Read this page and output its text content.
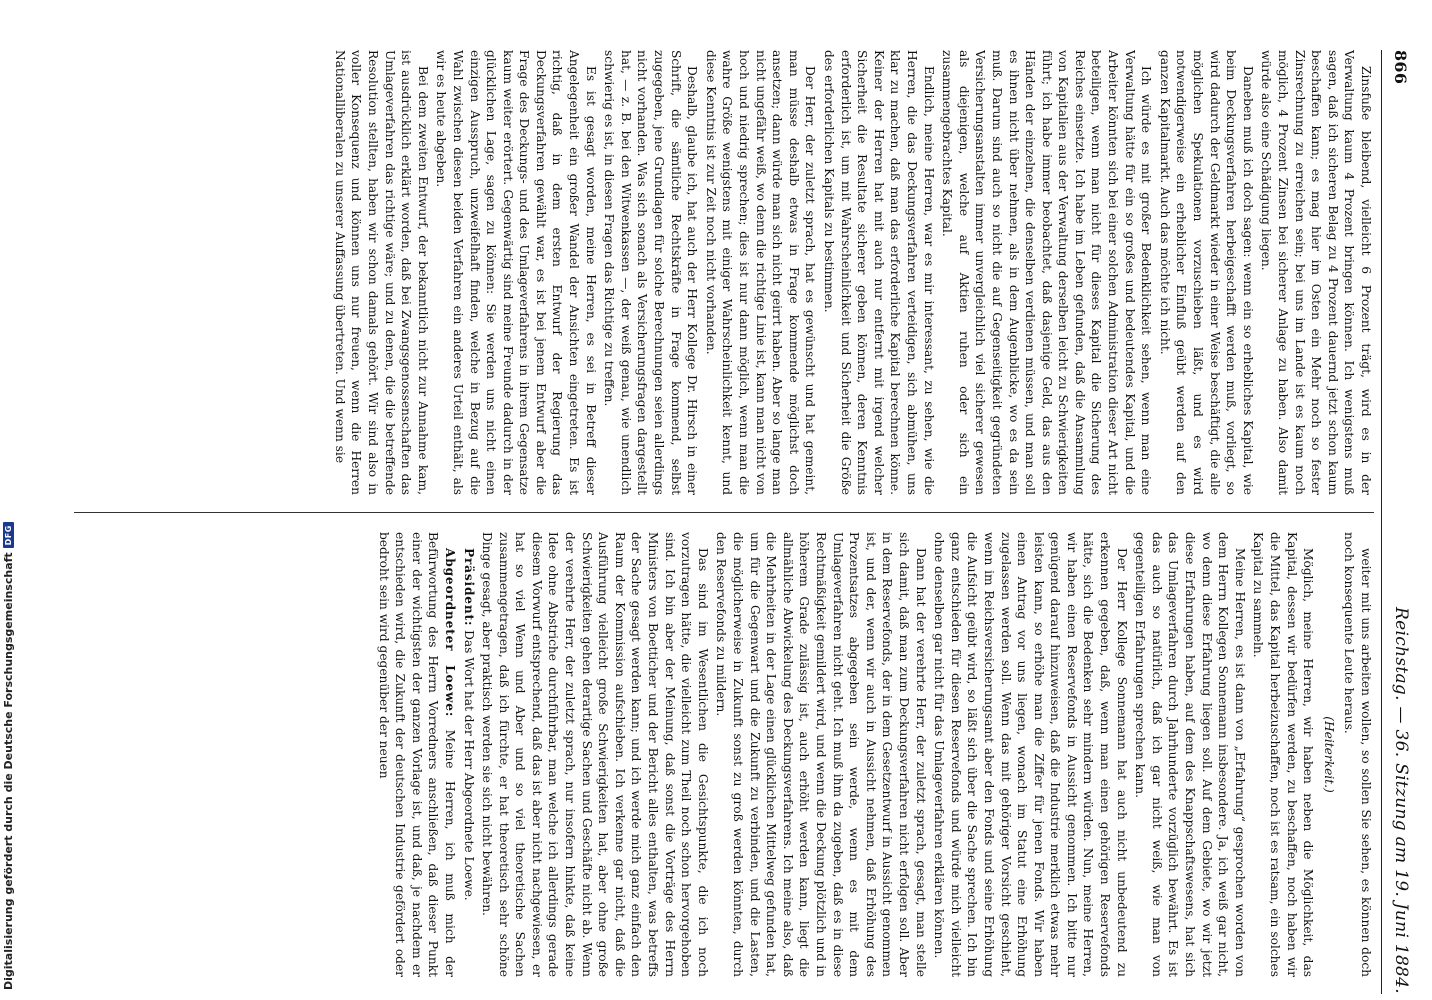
Digitalisierung gefördert durch die Deutsche Forschungsgemeinschaft
DFG
866
Reichstag. — 36. Sitzung am 19. Juni 1884.

Zinsfuße bleibend, vielleicht 6 Prozent trägt, wird es in der Verwaltung kaum 4 Prozent bringen können. Ich wenigstens muß sagen, daß ich sicheren Belag zu 4 Prozent dauernd jetzt schon kaum beschaffen kann; es mag hier im Osten ein Mehr noch so fester Zinsrechnung zu erreichen sein; bei uns im Lande ist es kaum noch möglich, 4 Prozent Zinsen bei sicherer Anlage zu haben. Also damit würde also eine Schädigung liegen.

Daneben muß ich doch sagen: wenn ein so erhebliches Kapital, wie beim Deckungsverfahren herbeigeschafft werden muß, vorliegt, so wird dadurch der Geldmarkt wieder in einer Weise beschäftigt, die alle möglichen Spekulationen vorzuschieben läßt, und es wird notwendigerweise ein erheblicher Einfluß geübt werden auf den ganzen Kapitalmarkt. Auch das möchte ich nicht.

Ich würde es mit großer Bedenklichkeit sehen, wenn man eine Verwaltung hätte für ein so großes und bedeutendes Kapital, und die Arbeiter könnten sich bei einer solchen Administration dieser Art nicht beteiligen, wenn man nicht für dieses Kapital die Sicherung des Reiches einsetzte. Ich habe im Leben gefunden, daß die Ansammlung von Kapitalien aus der Verwaltung derselben leicht zu Schwierigkeiten führt; ich habe immer beobachtet, daß dasjenige Geld, das aus den Händen der einzelnen, die denselben verdienen müssen, und man soll es ihnen nicht über nehmen, als in dem Augenblicke, wo es da sein muß. Darum sind auch so nicht die auf Gegenseitigkeit gegründeten Versicherungsanstalten immer unvergleichlich viel sicherer gewesen als diejenigen, welche auf Aktien ruhen oder sich ein zusammengebrachtes Kapital.

Endlich, meine Herren, war es mir interessant, zu sehen, wie die Herren, die das Deckungsverfahren verteidigen, sich abmühen, uns klar zu machen, daß man das erforderliche Kapital berechnen könne. Keiner der Herren hat mit auch nur entfernt mit irgend welcher Sicherheit die Resultate sicherer geben können, deren Kenntnis erforderlich ist, um mit Wahrscheinlichkeit und Sicherheit die Größe des erforderlichen Kapitals zu bestimmen.

Der Herr, der zuletzt sprach, hat es gewünscht und hat gemeint, man müsse deshalb etwas in Frage kommende möglichst doch ansetzen; dann würde man sich nicht geirrt haben. Aber so lange man nicht ungefähr weiß, wo denn die richtige Linie ist, kann man nicht von hoch und niedrig sprechen; dies ist nur dann möglich, wenn man die wahre Größe wenigstens mit einiger Wahrscheinlichkeit kennt, und diese Kenntnis ist zur Zeit noch nicht vorhanden.

Deshalb, glaube ich, hat auch der Herr Kollege Dr. Hirsch in einer Schrift, die sämtliche Rechtskräfte in Frage kommend, selbst zugegeben, jene Grundlagen für solche Berechnungen seien allerdings nicht vorhanden. Was sich sonach als Versicherungsfragen dargestellt hat, — z. B. bei den Witwenkassen —, der weiß genau, wie unendlich schwierig es ist, in diesen Fragen das Richtige zu treffen.

Es ist gesagt worden, meine Herren, es sei in Betreff dieser Angelegenheit ein großer Wandel der Ansichten eingetreten. Es ist richtig, daß in dem ersten Entwurf der Regierung das Deckungsverfahren gewählt war, es ist bei jenem Entwurf aber die Frage des Deckungs- und des Umlageverfahrens in ihrem Gegensatze kaum weiter erörtert. Gegenwärtig sind meine Freunde dadurch in der glücklichen Lage, sagen zu können: Sie werden uns nicht einen einzigen Ausspruch, unzweifelhaft finden, welche in Bezug auf die Wahl zwischen diesen beiden Verfahren ein anderes Urteil enthält, als wir es heute abgeben.

Bei dem zweiten Entwurf, der bekanntlich nicht zur Annahme kam, ist ausdrücklich erklärt worden, daß bei Zwangsgenossenschaften das Umlageverfahren das richtige wäre; und zu denen, die die betreffende Resolution stellten, haben wir schon damals gehört. Wir sind also in voller Konsequenz und können uns nur freuen, wenn die Herren Nationalliberalen zu unserer Auffassung übertreten. Und wenn sie

weiter mit uns arbeiten wollen, so sollen Sie sehen, es können doch noch konsequente Leute heraus.

(Heiterkeit.)

Möglich, meine Herren, wir haben neben die Möglichkeit, das Kapital, dessen wir bedürfen werden, zu beschaffen, noch haben wir die Mittel, das Kapital herbeizuschaffen, noch ist es ratsam, ein solches Kapital zu sammeln.

Meine Herren, es ist dann von „Erfahrung“ gesprochen worden von dem Herrn Kollegen Sonnemann insbesondere. Ja, ich weiß gar nicht, wo denn diese Erfahrung liegen soll. Auf dem Gebiete, wo wir jetzt diese Erfahrungen haben, auf dem des Knappschaftswesens, hat sich das Umlageverfahren durch Jahrhunderte vorzüglich bewährt. Es ist das auch so natürlich, daß ich gar nicht weiß, wie man von gegenteiligen Erfahrungen sprechen kann.

Der Herr Kollege Sonnemann hat auch nicht unbedeutend zu erkennen gegeben, daß, wenn man einen gehörigen Reservefonds hätte, sich die Bedenken sehr mindern würden. Nun, meine Herren, wir haben einen Reservefonds in Aussicht genommen. Ich bitte nur genügend darauf hinzuweisen, daß die Industrie merklich etwas mehr leisten kann, so erhöhe man die Ziffer für jenen Fonds. Wir haben einen Antrag vor uns liegen, wonach im Statut eine Erhöhung zugelassen werden soll. Wenn das mit gehöriger Vorsicht geschieht, wenn im Reichsversicherungsamt aber den Fonds und seine Erhöhung die Aufsicht geübt wird, so läßt sich über die Sache sprechen. Ich bin ganz entschieden für diesen Reservefonds und würde mich vielleicht ohne denselben gar nicht für das Umlageverfahren erklären können.

Dann hat der verehrte Herr, der zuletzt sprach, gesagt, man stelle sich damit, daß man zum Deckungsverfahren nicht erfolgen soll. Aber in dem Reservefonds, der in dem Gesetzentwurf in Aussicht genommen ist, und der, wenn wir auch in Aussicht nehmen, daß Erhöhung des Prozentsatzes abgegeben sein werde, wenn es mit dem Umlageverfahren nicht geht. Ich muß ihm da zugeben, daß es in diese Rechtmäßigkeit gemildert wird, und wenn die Deckung plötzlich und in höherem Grade zulässig ist, auch erhöht werden kann, liegt die allmähliche Abwickelung des Deckungsverfahrens. Ich meine also, daß die Mehrheiten in der Lage einen glücklichen Mittelweg gefunden hat, um für die Gegenwart und die Zukunft zu verbinden, und die Lasten, die möglicherweise in Zukunft sonst zu groß werden könnten, durch den Reservefonds zu mildern.

Das sind im Wesentlichen die Gesichtspunkte, die ich noch vorzutragen hätte, die vielleicht zum Theil noch schon hervorgehoben sind. Ich bin aber der Meinung, daß sonst die Vorträge des Herrn Ministers von Boetticher und der Bericht alles enthalten, was betreffs der Sache gesagt werden kann; und ich werde mich ganz einfach den Raum der Kommission aufschieben. Ich verkenne gar nicht, daß die Ausführung vielleicht große Schwierigkeiten hat, aber ohne große Schwierigkeiten gehen derartige Sachen und Geschäfte nicht ab. Wenn der verehrte Herr, der zuletzt sprach, nur insofern hinkte, daß keine Idee ohne Abstriche durchführbar, man welche ich allerdings gerade diesem Vorwurf entsprechend, daß das ist aber nicht nachgewiesen, er hat so viel Wenn und Aber und so viel theoretische Sachen zusammengetragen, daß ich fürchte, er hat theoretisch sehr schöne Dinge gesagt, aber praktisch werden sie sich nicht bewähren.

Präsident: Das Wort hat der Herr Abgeordnete Loewe.

Abgeordneter Loewe: Meine Herren, ich muß mich der Befürwortung des Herrn Vorredners anschließen, daß dieser Punkt einer der wichtigsten der ganzen Vorlage ist, und daß, je nachdem er entschieden wird, die Zukunft der deutschen Industrie gefördert oder bedroht sein wird gegenüber der neuen
